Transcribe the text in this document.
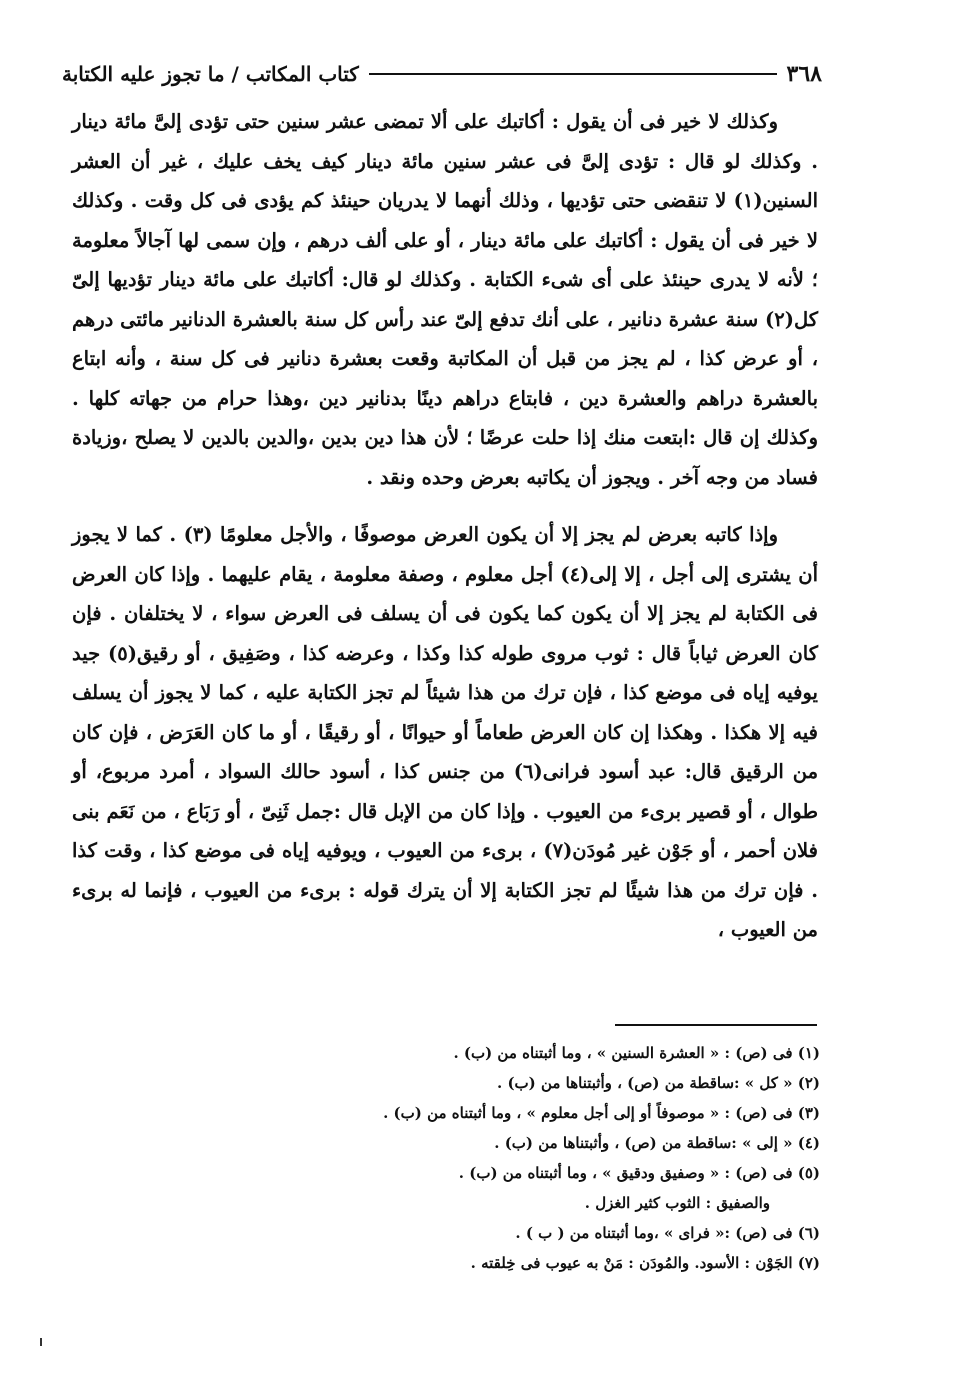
٣٦٨
كتاب المكاتب / ما تجوز عليه الكتابة

وكذلك لا خير فى أن يقول : أكاتبك على ألا تمضى عشر سنين حتى تؤدى إلىَّ مائة دينار . وكذلك لو قال : تؤدى إلىَّ فى عشر سنين مائة دينار كيف يخف عليك ، غير أن العشر السنين(١) لا تنقضى حتى تؤديها ، وذلك أنهما لا يدريان حينئذ كم يؤدى فى كل وقت . وكذلك لا خير فى أن يقول : أكاتبك على مائة دينار ، أو على ألف درهم ، وإن سمى لها آجالاً معلومة ؛ لأنه لا يدرى حينئذ على أى شىء الكتابة . وكذلك لو قال: أكاتبك على مائة دينار تؤديها إلىّ كل(٢) سنة عشرة دنانير ، على أنك تدفع إلىّ عند رأس كل سنة بالعشرة الدنانير مائتى درهم ، أو عرض كذا ، لم يجز من قبل أن المكاتبة وقعت بعشرة دنانير فى كل سنة ، وأنه ابتاع بالعشرة دراهم والعشرة دين ، فابتاع دراهم دينًا بدنانير دين ،وهذا حرام من جهاته كلها . وكذلك إن قال :ابتعت منك إذا حلت عرضًا ؛ لأن هذا دين بدين ،والدين بالدين لا يصلح ،وزيادة فساد من وجه آخر . ويجوز أن يكاتبه بعرض وحده ونقد .

وإذا كاتبه بعرض لم يجز إلا أن يكون العرض موصوفًا ، والأجل معلومًا (٣) . كما لا يجوز أن يشترى إلى أجل ، إلا إلى(٤) أجل معلوم ، وصفة معلومة ، يقام عليهما . وإذا كان العرض فى الكتابة لم يجز إلا أن يكون كما يكون فى أن يسلف فى العرض سواء ، لا يختلفان . فإن كان العرض ثياباً قال : ثوب مروى طوله كذا وكذا ، وعرضه كذا ، وصَفِيق ، أو رقيق(٥) جيد يوفيه إياه فى موضع كذا ، فإن ترك من هذا شيئاً لم تجز الكتابة عليه ، كما لا يجوز أن يسلف فيه إلا هكذا . وهكذا إن كان العرض طعاماً أو حيوانًا ، أو رقيقًا ، أو ما كان العَرَض ، فإن كان من الرقيق قال: عبد أسود فرانى(٦) من جنس كذا ، أسود حالك السواد ، أمرد مربوع، أو طوال ، أو قصير برىء من العيوب . وإذا كان من الإبل قال :جمل ثَنِىّ ، أو رَبَاع ، من نَعَم بنى فلان أحمر ، أو جَوْن غير مُودَن(٧) ، برىء من العيوب ، ويوفيه إياه فى موضع كذا ، وقت كذا . فإن ترك من هذا شيئًا لم تجز الكتابة إلا أن يترك قوله : برىء من العيوب ، فإنما له برىء من العيوب ،

(١) فى (ص) : « العشرة السنين » ، وما أثبتناه من (ب) .
(٢) « كل » :ساقطة من (ص) ، وأثبتناها من (ب) .
(٣) فى (ص) : « موصوفاً أو إلى أجل معلوم » ، وما أثبتناه من (ب) .
(٤) « إلى » :ساقطة من (ص) ، وأثبتناها من (ب) .
(٥) فى (ص) : « وصفيق ودقيق » ، وما أثبتناه من (ب) .
والصفيق : الثوب كثير الغزل .
(٦) فى (ص) :« فراى » ،وما أثبتناه من ( ب ) .
(٧) الجَوْن : الأسود. والمُودَن : مَنْ به عيوب فى خِلقته .
